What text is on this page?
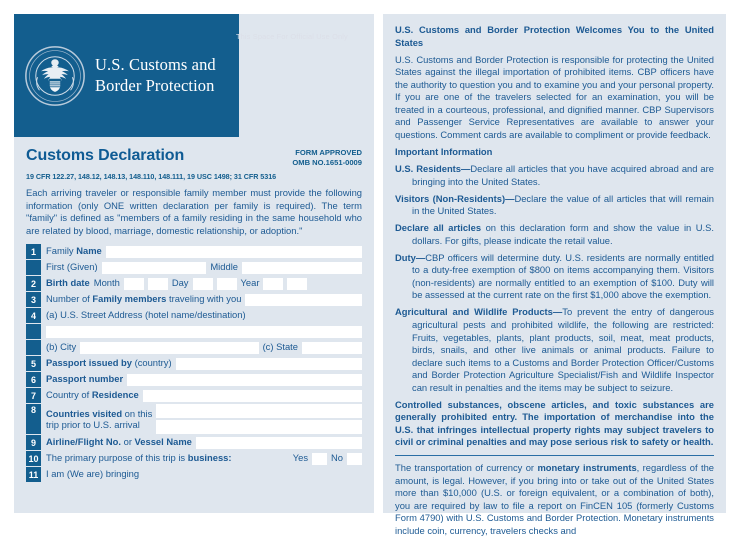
U.S. Customs and
Border Protection
This Space For Official Use Only
Customs Declaration	FORM APPROVED
OMB NO.1651-0009
19 CFR 122.27, 148.12, 148.13, 148.110, 148.111, 19 USC 1498; 31 CFR 5316
Each arriving traveler or responsible family member must provide the following information (only ONE written declaration per family is required). The term "family" is defined as "members of a family residing in the same household who are related by blood, marriage, domestic relationship, or adoption."
1	Family Name
First (Given)	Middle
2	Birth date Month	Day	Year
3	Number of Family members traveling with you
4	(a) U.S. Street Address (hotel name/destination)
(b) City	(c) State
5	Passport issued by (country)
6	Passport number
7	Country of Residence
8	Countries visited on this
trip prior to U.S. arrival
9	Airline/Flight No. or Vessel Name
10 The primary purpose of this trip is business:	Yes No
11 I am (We are) bringing

U.S. Customs and Border Protection Welcomes You to the United States

U.S. Customs and Border Protection is responsible for protecting the United States against the illegal importation of prohibited items. CBP officers have the authority to question you and to examine you and your personal property. If you are one of the travelers selected for an examination, you will be treated in a courteous, professional, and dignified manner. CBP Supervisors and Passenger Service Representatives are available to answer your questions. Comment cards are available to compliment or provide feedback.

Important Information

U.S. Residents—Declare all articles that you have acquired abroad and are bringing into the United States.

Visitors (Non-Residents)—Declare the value of all articles that will remain in the United States.

Declare all articles on this declaration form and show the value in U.S. dollars. For gifts, please indicate the retail value.

Duty—CBP officers will determine duty. U.S. residents are normally entitled to a duty-free exemption of $800 on items accompanying them. Visitors (non-residents) are normally entitled to an exemption of $100. Duty will be assessed at the current rate on the first $1,000 above the exemption.

Agricultural and Wildlife Products—To prevent the entry of dangerous agricultural pests and prohibited wildlife, the following are restricted: Fruits, vegetables, plants, plant products, soil, meat, meat products, birds, snails, and other live animals or animal products. Failure to declare such items to a Customs and Border Protection Officer/Customs and Border Protection Agriculture Specialist/Fish and Wildlife Inspector can result in penalties and the items may be subject to seizure.

Controlled substances, obscene articles, and toxic substances are generally prohibited entry. The importation of merchandise into the U.S. that infringes intellectual property rights may subject travelers to civil or criminal penalties and may pose serious risk to safety or health.

The transportation of currency or monetary instruments, regardless of the amount, is legal. However, if you bring into or take out of the United States more than $10,000 (U.S. or foreign equivalent, or a combination of both), you are required by law to file a report on FinCEN 105 (formerly Customs Form 4790) with U.S. Customs and Border Protection. Monetary instruments include coin, currency, travelers checks and
